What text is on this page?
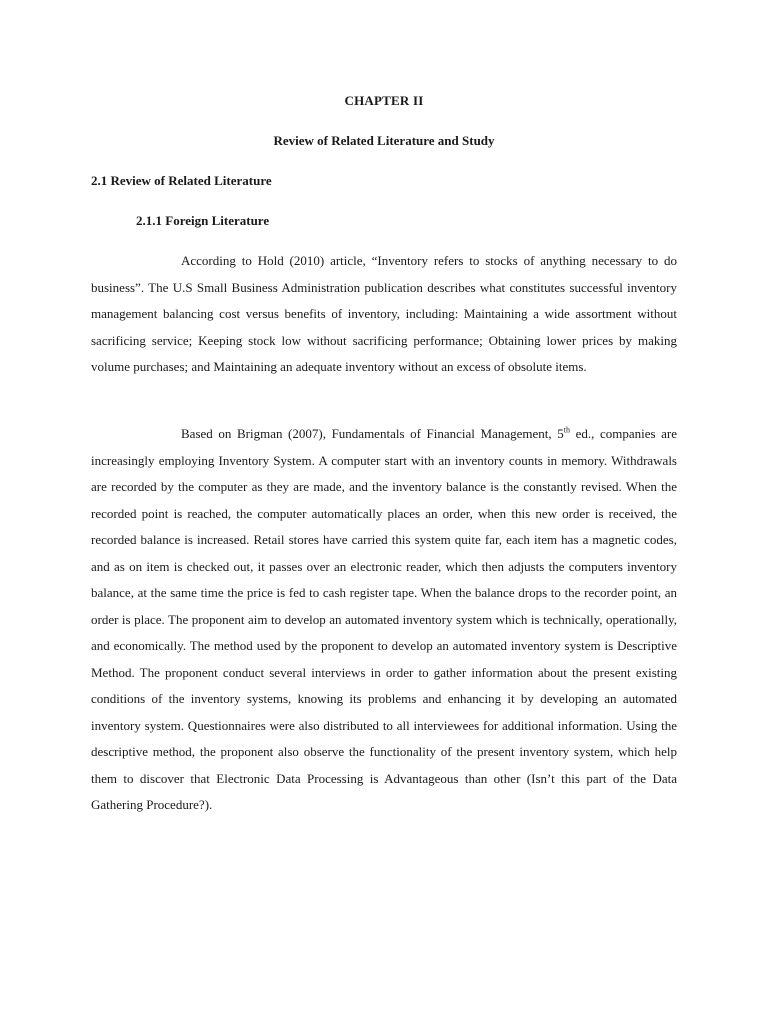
CHAPTER II
Review of Related Literature and Study
2.1 Review of Related Literature
2.1.1 Foreign Literature

According to Hold (2010) article, “Inventory refers to stocks of anything necessary to do business”. The U.S Small Business Administration publication describes what constitutes successful inventory management balancing cost versus benefits of inventory, including: Maintaining a wide assortment without sacrificing service; Keeping stock low without sacrificing performance; Obtaining lower prices by making volume purchases; and Maintaining an adequate inventory without an excess of obsolute items.

Based on Brigman (2007), Fundamentals of Financial Management, 5th ed., companies are increasingly employing Inventory System. A computer start with an inventory counts in memory. Withdrawals are recorded by the computer as they are made, and the inventory balance is the constantly revised. When the recorded point is reached, the computer automatically places an order, when this new order is received, the recorded balance is increased. Retail stores have carried this system quite far, each item has a magnetic codes, and as on item is checked out, it passes over an electronic reader, which then adjusts the computers inventory balance, at the same time the price is fed to cash register tape. When the balance drops to the recorder point, an order is place. The proponent aim to develop an automated inventory system which is technically, operationally, and economically. The method used by the proponent to develop an automated inventory system is Descriptive Method. The proponent conduct several interviews in order to gather information about the present existing conditions of the inventory systems, knowing its problems and enhancing it by developing an automated inventory system. Questionnaires were also distributed to all interviewees for additional information. Using the descriptive method, the proponent also observe the functionality of the present inventory system, which help them to discover that Electronic Data Processing is Advantageous than other (Isn’t this part of the Data Gathering Procedure?).
